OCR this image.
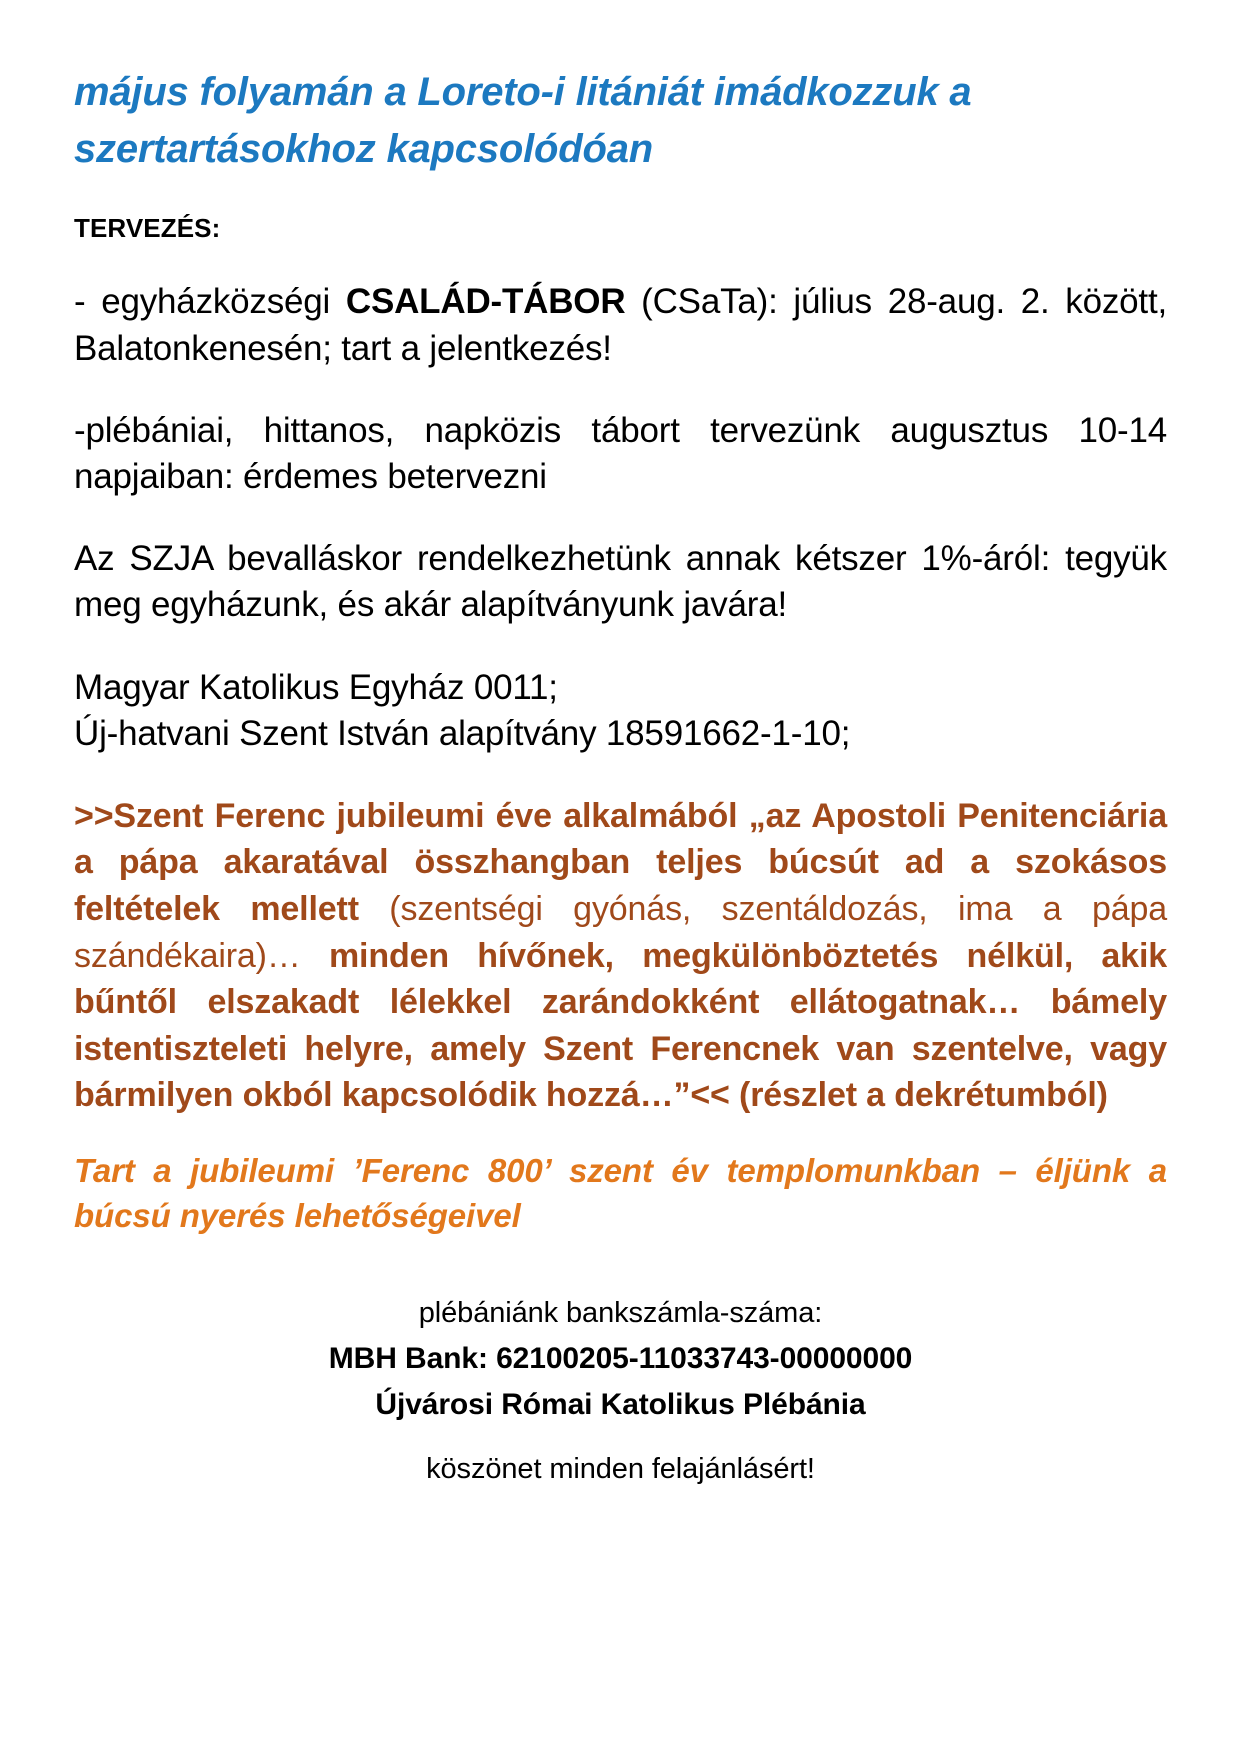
május folyamán a Loreto-i litániát imádkozzuk a
szertartásokhoz kapcsolódóan
TERVEZÉS:

- egyházközségi CSALÁD-TÁBOR (CSaTa): július 28-aug. 2. között, Balatonkenesén; tart a jelentkezés!

-plébániai, hittanos, napközis tábort tervezünk augusztus 10-14 napjaiban: érdemes betervezni

Az SZJA bevalláskor rendelkezhetünk annak kétszer 1%-áról: tegyük meg egyházunk, és akár alapítványunk javára!

Magyar Katolikus Egyház 0011;
Új-hatvani Szent István alapítvány 18591662-1-10;

>>Szent Ferenc jubileumi éve alkalmából „az Apostoli Penitenciária a pápa akaratával összhangban teljes búcsút ad a szokásos feltételek mellett (szentségi gyónás, szentáldozás, ima a pápa szándékaira)… minden hívőnek, megkülönböztetés nélkül, akik bűntől elszakadt lélekkel zarándokként ellátogatnak… bámely istentiszteleti helyre, amely Szent Ferencnek van szentelve, vagy bármilyen okból kapcsolódik hozzá…”<< (részlet a dekrétumból)

Tart a jubileumi ’Ferenc 800’ szent év templomunkban – éljünk a búcsú nyerés lehetőségeivel

plébániánk bankszámla-száma:
MBH Bank: 62100205-11033743-00000000
Újvárosi Római Katolikus Plébánia
köszönet minden felajánlásért!
